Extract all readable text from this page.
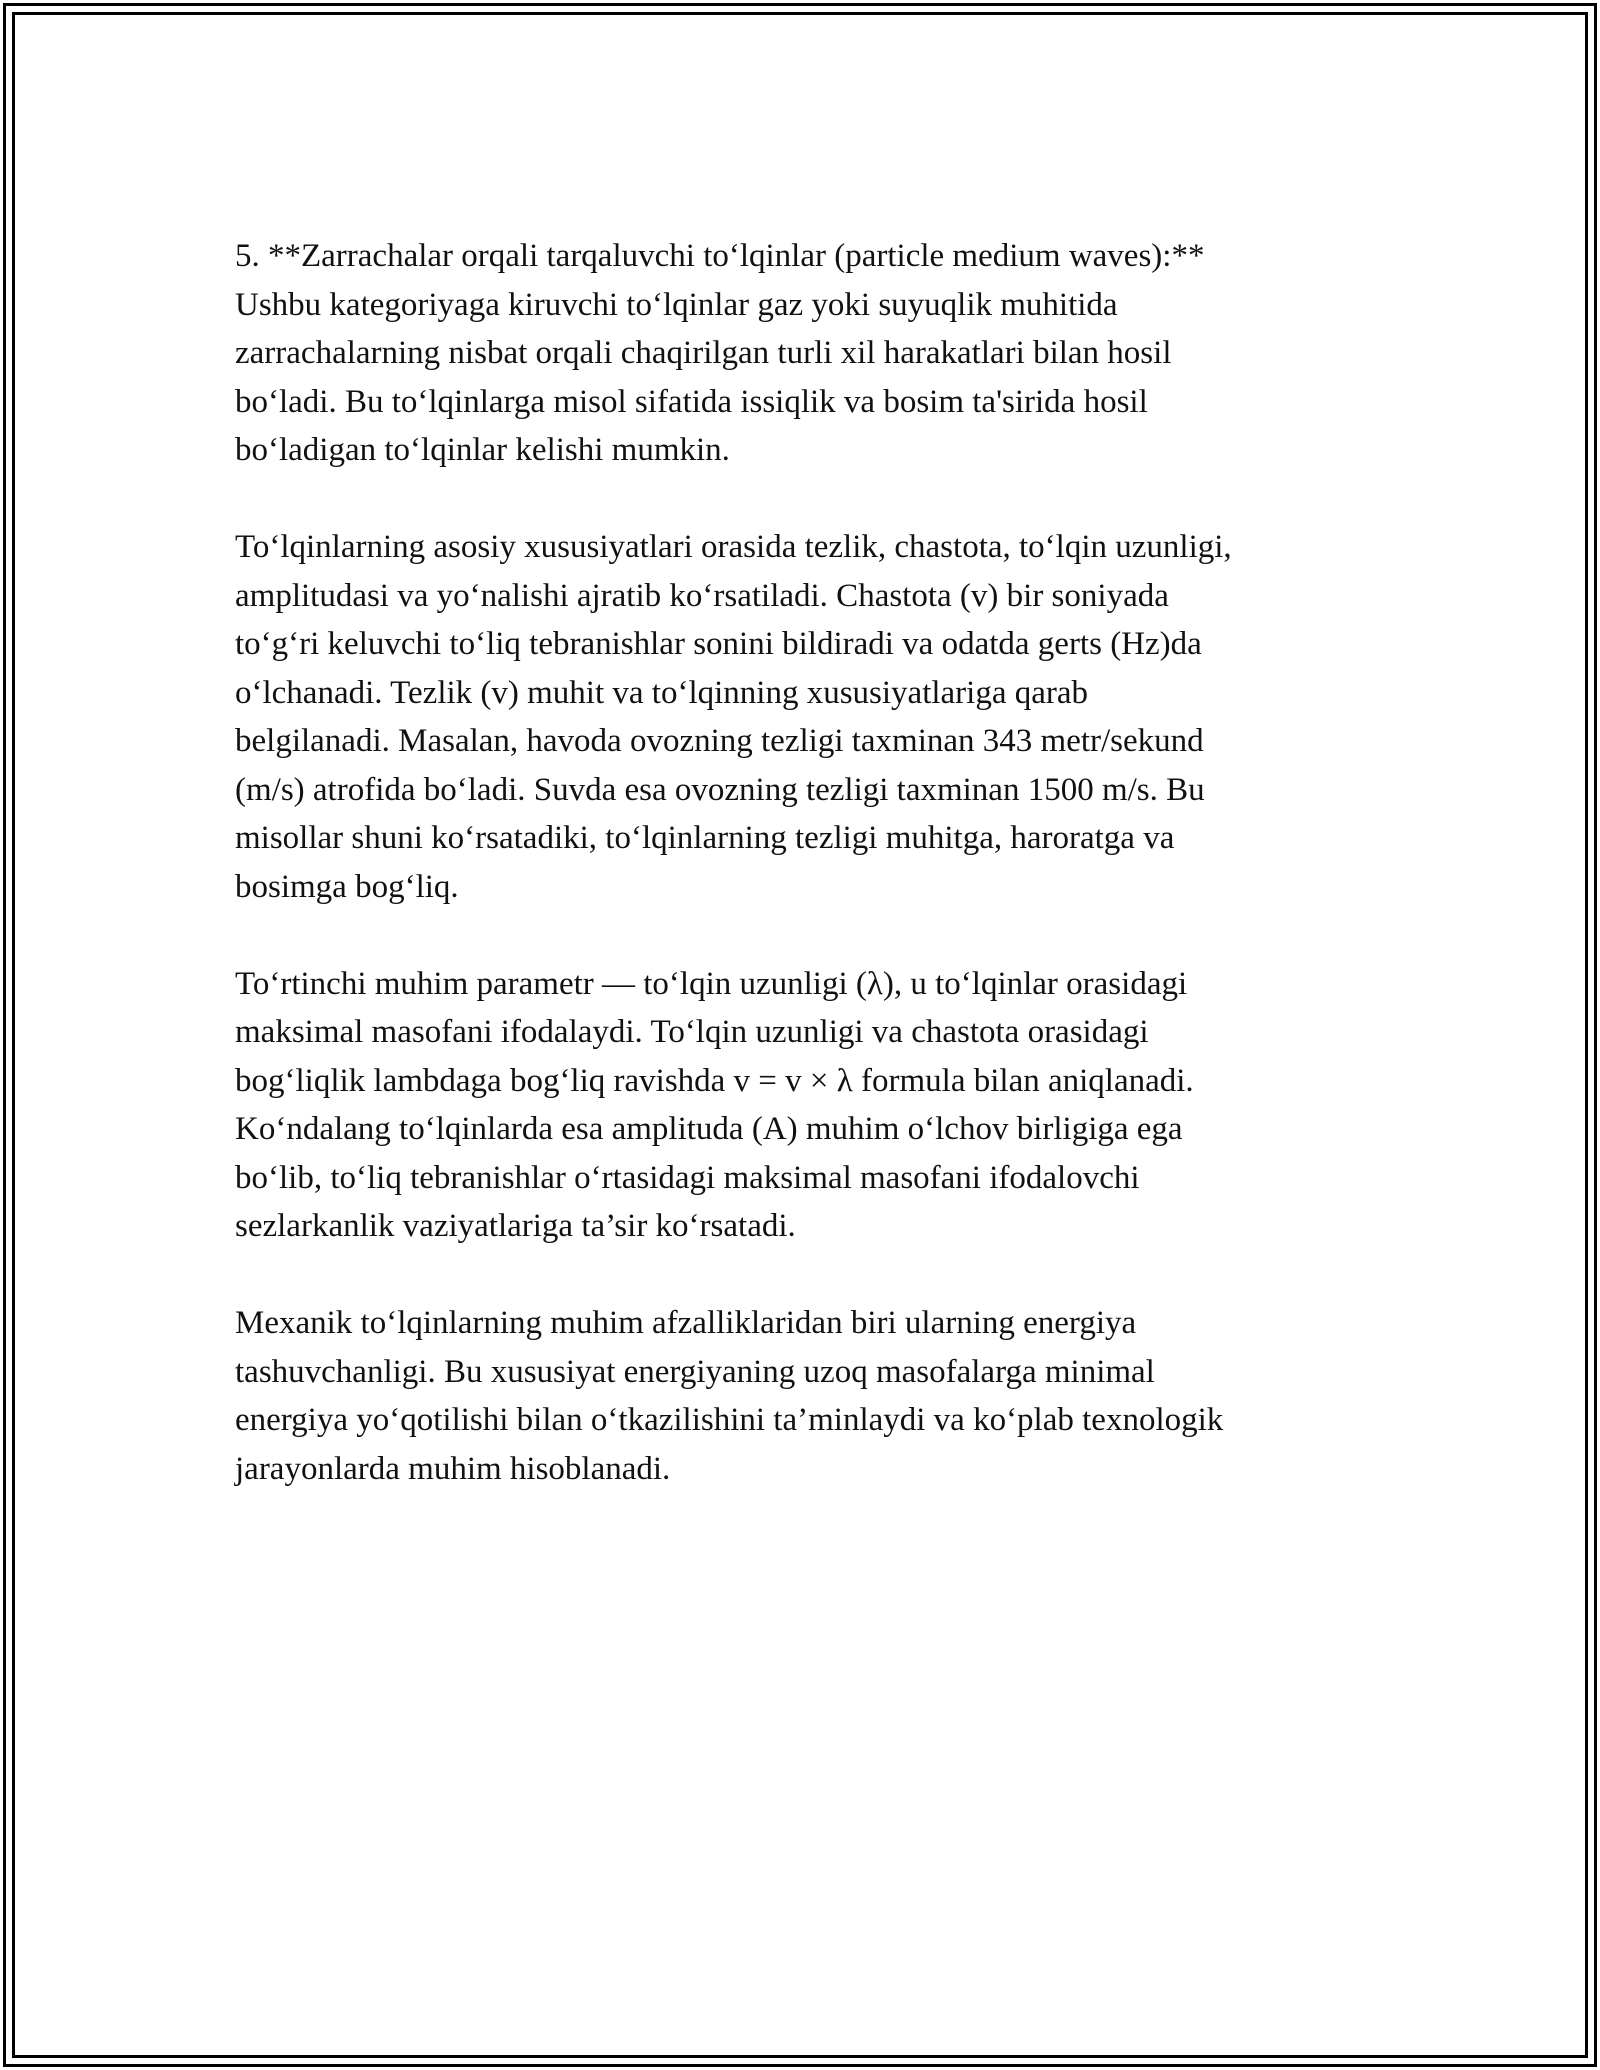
5. **Zarrachalar orqali tarqaluvchi to‘lqinlar (particle medium waves):**
Ushbu kategoriyaga kiruvchi to‘lqinlar gaz yoki suyuqlik muhitida
zarrachalarning nisbat orqali chaqirilgan turli xil harakatlari bilan hosil
bo‘ladi. Bu to‘lqinlarga misol sifatida issiqlik va bosim ta'sirida hosil
bo‘ladigan to‘lqinlar kelishi mumkin.

To‘lqinlarning asosiy xususiyatlari orasida tezlik, chastota, to‘lqin uzunligi,
amplitudasi va yo‘nalishi ajratib ko‘rsatiladi. Chastota (v) bir soniyada
to‘g‘ri keluvchi to‘liq tebranishlar sonini bildiradi va odatda gerts (Hz)da
o‘lchanadi. Tezlik (v) muhit va to‘lqinning xususiyatlariga qarab
belgilanadi. Masalan, havoda ovozning tezligi taxminan 343 metr/sekund
(m/s) atrofida bo‘ladi. Suvda esa ovozning tezligi taxminan 1500 m/s. Bu
misollar shuni ko‘rsatadiki, to‘lqinlarning tezligi muhitga, haroratga va
bosimga bog‘liq.

To‘rtinchi muhim parametr — to‘lqin uzunligi (λ), u to‘lqinlar orasidagi
maksimal masofani ifodalaydi. To‘lqin uzunligi va chastota orasidagi
bog‘liqlik lambdaga bog‘liq ravishda v = v × λ formula bilan aniqlanadi.
Ko‘ndalang to‘lqinlarda esa amplituda (A) muhim o‘lchov birligiga ega
bo‘lib, to‘liq tebranishlar o‘rtasidagi maksimal masofani ifodalovchi
sezlarkanlik vaziyatlariga ta’sir ko‘rsatadi.

Mexanik to‘lqinlarning muhim afzalliklaridan biri ularning energiya
tashuvchanligi. Bu xususiyat energiyaning uzoq masofalarga minimal
energiya yo‘qotilishi bilan o‘tkazilishini ta’minlaydi va ko‘plab texnologik
jarayonlarda muhim hisoblanadi.
